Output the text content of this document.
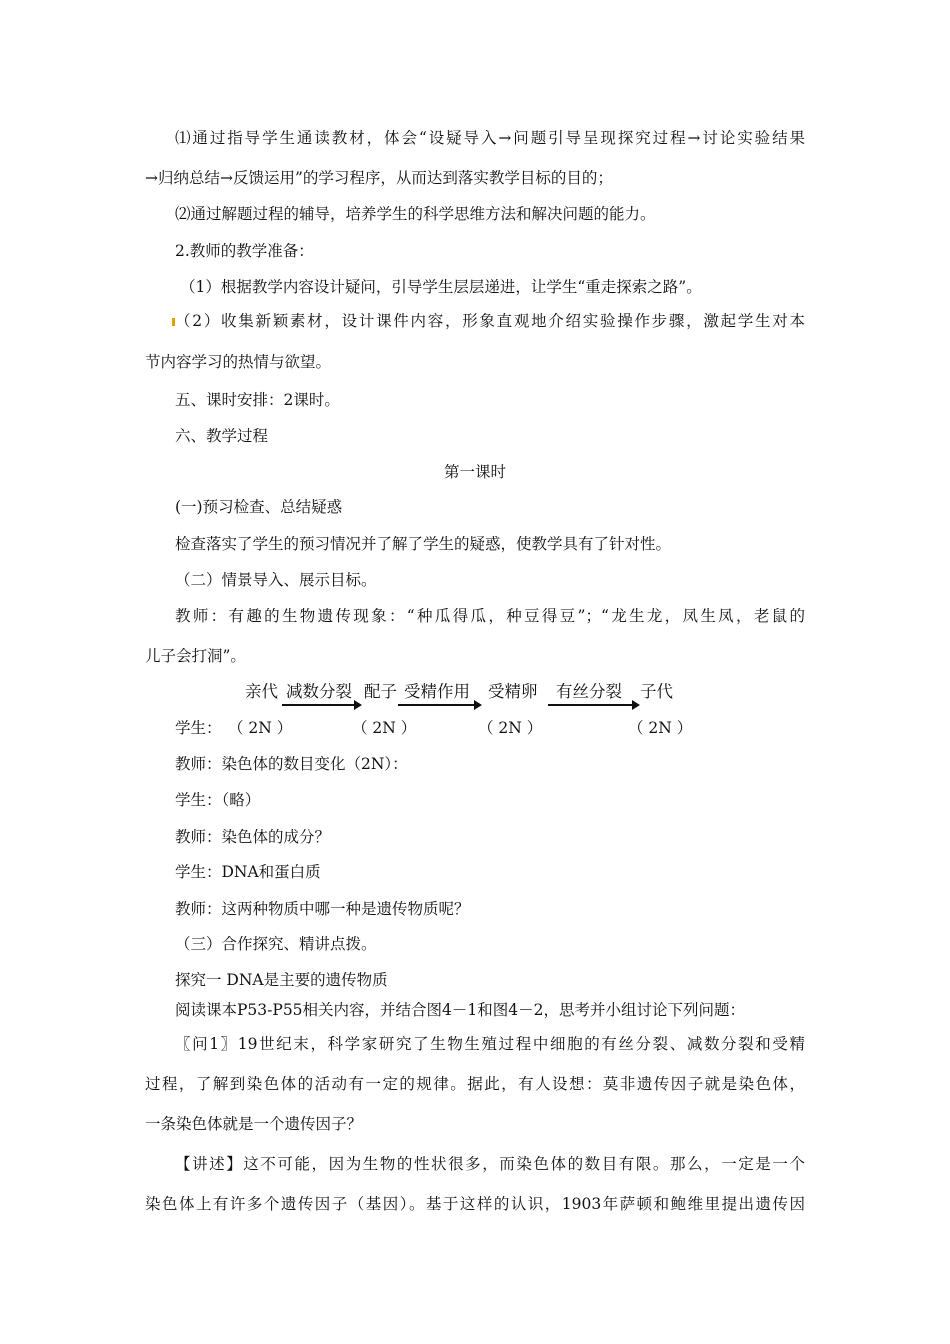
⑴通过指导学生通读教材，体会“设疑导入→问题引导呈现探究过程→讨论实验结果
→归纳总结→反馈运用”的学习程序，从而达到落实教学目标的目的；
⑵通过解题过程的辅导，培养学生的科学思维方法和解决问题的能力。
2.教师的教学准备：
（1）根据教学内容设计疑问，引导学生层层递进，让学生“重走探索之路”。
（2）收集新颖素材，设计课件内容，形象直观地介绍实验操作步骤，激起学生对本
节内容学习的热情与欲望。
五、课时安排：2课时。
六、教学过程
第一课时
(一)预习检查、总结疑惑
检查落实了学生的预习情况并了解了学生的疑惑，使教学具有了针对性。
（二）情景导入、展示目标。
教师：有趣的生物遗传现象：“种瓜得瓜，种豆得豆”；“龙生龙，凤生凤，老鼠的
儿子会打洞”。
亲代 减数分裂 配子 受精作用 受精卵 有丝分裂 子代
学生： （ 2N ）	（ 2N ）	（ 2N ）	（ 2N ）
教师：染色体的数目变化（2N）：
学生：（略）
教师：染色体的成分？
学生：DNA和蛋白质
教师：这两种物质中哪一种是遗传物质呢？
（三）合作探究、精讲点拨。
探究一 DNA是主要的遗传物质
阅读课本P53-P55相关内容，并结合图4－1和图4－2，思考并小组讨论下列问题：
〖问1〗19世纪末，科学家研究了生物生殖过程中细胞的有丝分裂、减数分裂和受精
过程，了解到染色体的活动有一定的规律。据此，有人设想：莫非遗传因子就是染色体，
一条染色体就是一个遗传因子？
【讲述】这不可能，因为生物的性状很多，而染色体的数目有限。那么，一定是一个
染色体上有许多个遗传因子（基因）。基于这样的认识，1903年萨顿和鲍维里提出遗传因
